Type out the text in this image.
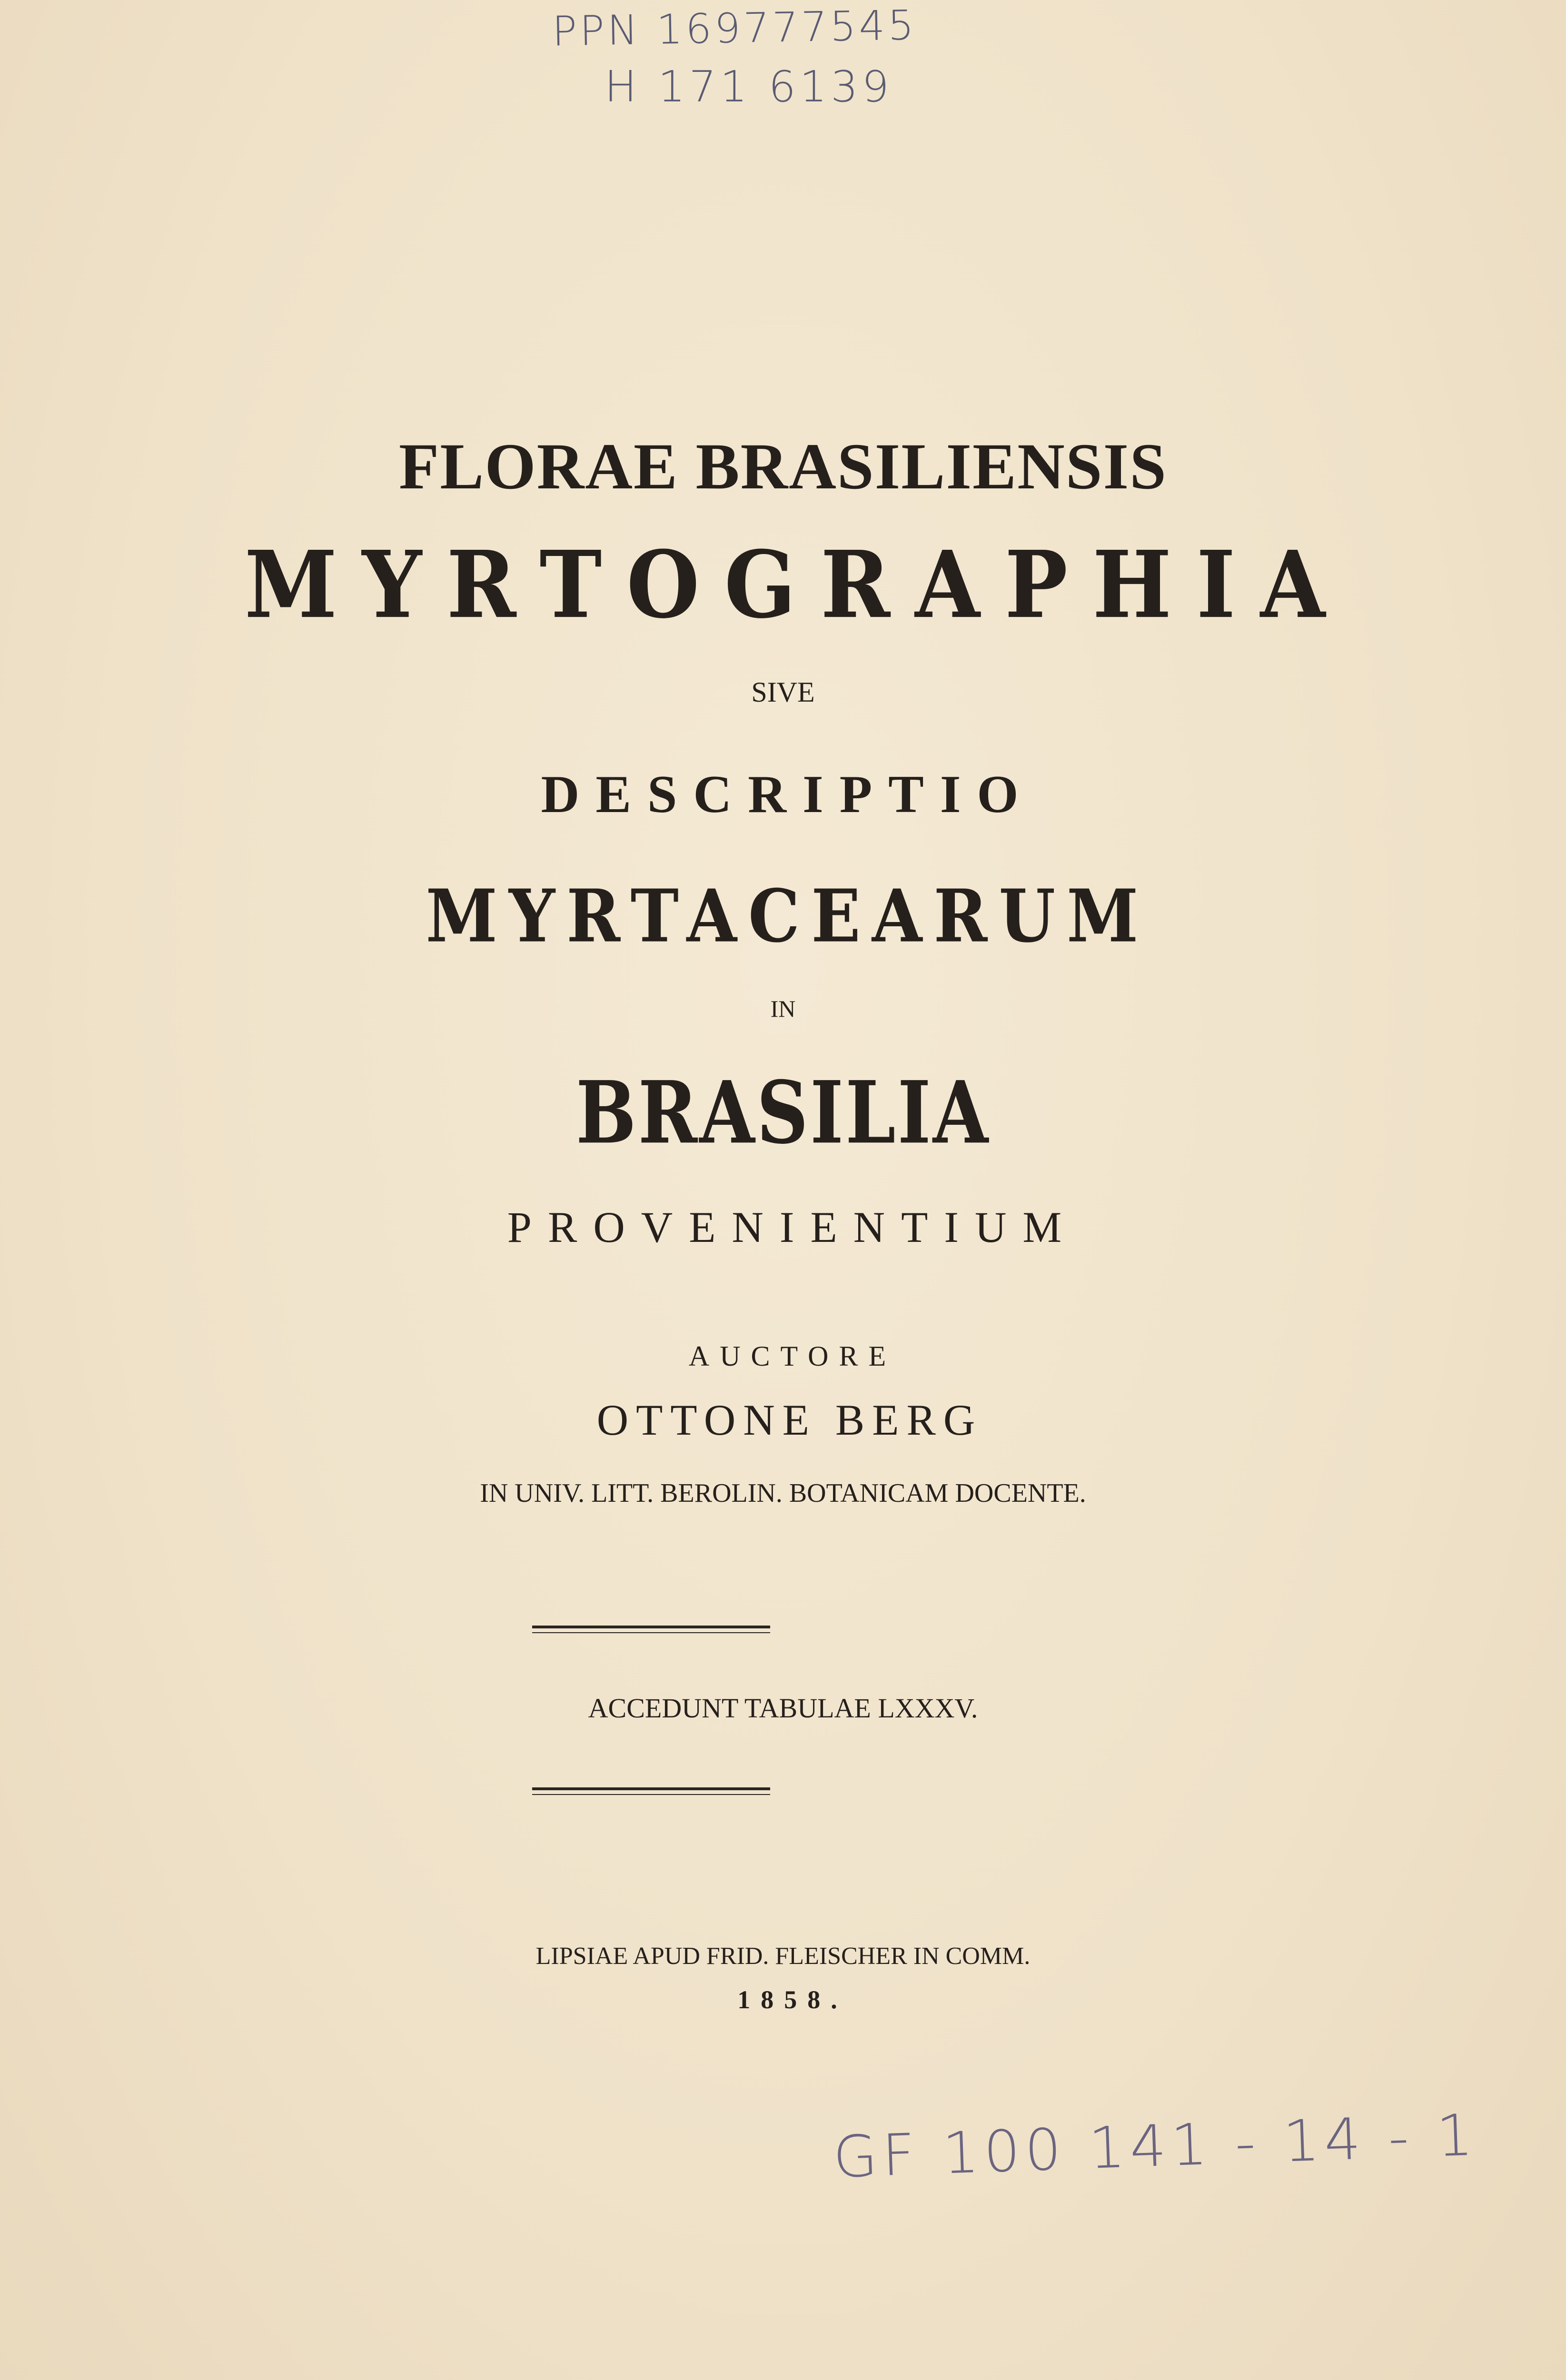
PPN 169777545
H 171 6139
FLORAE BRASILIENSIS
MYRTOGRAPHIA
SIVE
DESCRIPTIO
MYRTACEARUM
IN
BRASILIA
PROVENIENTIUM
AUCTORE
OTTONE BERG
IN UNIV. LITT. BEROLIN. BOTANICAM DOCENTE.
ACCEDUNT TABULAE LXXXV.
LIPSIAE APUD FRID. FLEISCHER IN COMM.
1858.
GF 100 141 - 14 - 1
